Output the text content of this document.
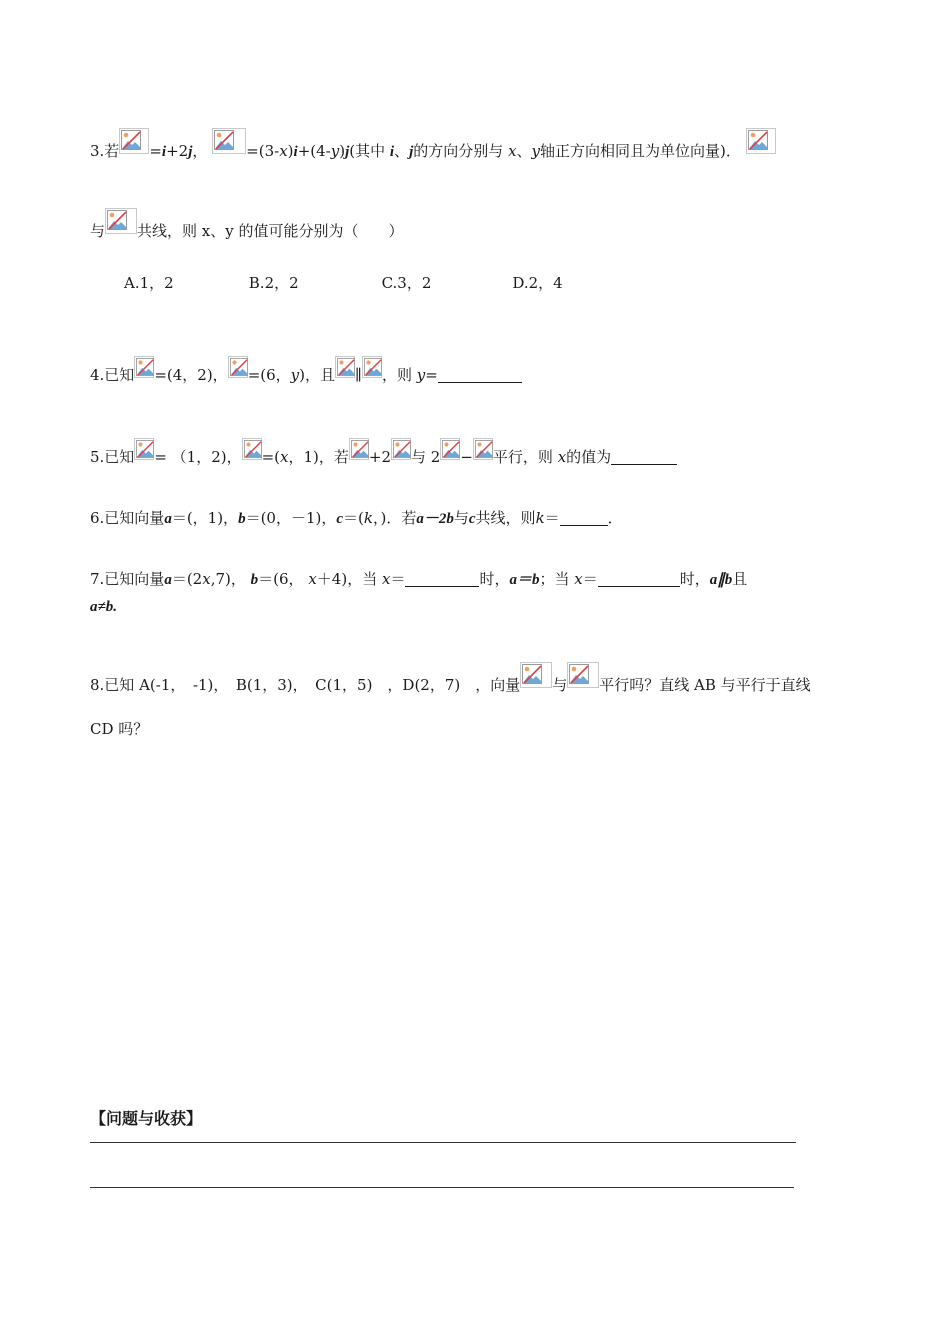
3.若 =i+2j，	=(3-x)i+(4-y)j(其中 i、j的方向分别与 x、y轴正方向相同且为单位向量)．
与 共线，则 x、y 的值可能分别为（　　）
A.1，2	B.2，2	C.3，2	D.2，4
4.已知 =(4，2)， =(6，y)，且 ∥ ，则 y=
5.已知 = （1，2)， =(x，1)，若 +2 与 2 − 平行，则 x的值为
6.已知向量a＝(，1)，b＝(0，－1)，c＝(k，)．若a－2b与c共线，则k＝	．
7.已知向量a＝(2x,7)， b＝(6， x＋4)，当 x＝	时，a＝b；当 x＝	时，a∥b且
a≠b.
8.已知 A(-1，　-1)，　B(1，3)，　C(1，5)　，D(2，7)　，向量 与 平行吗？直线 AB 与平行于直线
CD 吗？
【问题与收获】
